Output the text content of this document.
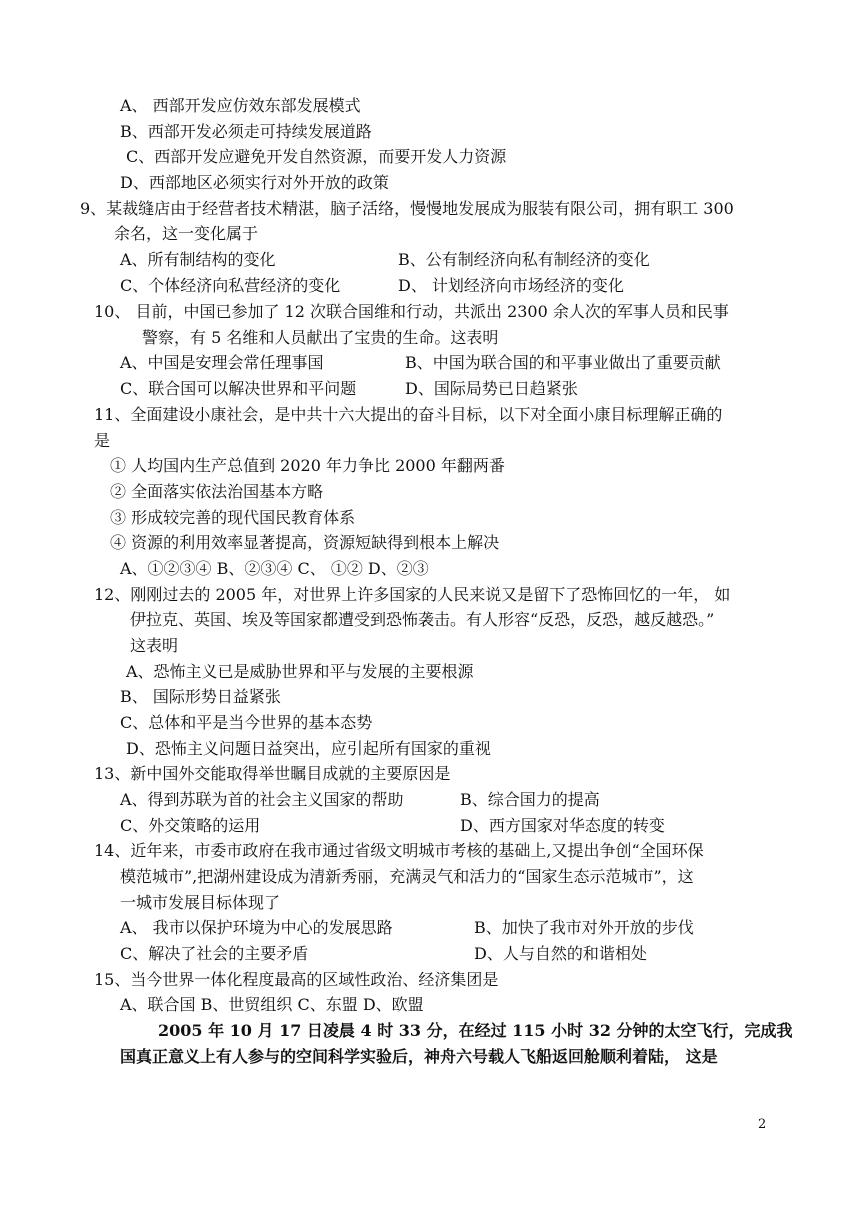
A、 西部开发应仿效东部发展模式
B、西部开发必须走可持续发展道路
C、西部开发应避免开发自然资源，而要开发人力资源
D、西部地区必须实行对外开放的政策
9、某裁缝店由于经营者技术精湛，脑子活络，慢慢地发展成为服装有限公司，拥有职工 300
余名，这一变化属于
A、所有制结构的变化	B、公有制经济向私有制经济的变化
C、个体经济向私营经济的变化	D、 计划经济向市场经济的变化
10、 目前，中国已参加了 12 次联合国维和行动，共派出 2300 余人次的军事人员和民事
警察，有 5 名维和人员献出了宝贵的生命。这表明
A、中国是安理会常任理事国	B、中国为联合国的和平事业做出了重要贡献
C、联合国可以解决世界和平问题	D、国际局势已日趋紧张
11、全面建设小康社会，是中共十六大提出的奋斗目标，以下对全面小康目标理解正确的
是
① 人均国内生产总值到 2020 年力争比 2000 年翻两番
② 全面落实依法治国基本方略
③ 形成较完善的现代国民教育体系
④ 资源的利用效率显著提高，资源短缺得到根本上解决
A、①②③④ B、②③④ C、 ①② D、②③
12、刚刚过去的 2005 年，对世界上许多国家的人民来说又是留下了恐怖回忆的一年， 如
伊拉克、英国、埃及等国家都遭受到恐怖袭击。有人形容“反恐，反恐，越反越恐。”
这表明
A、恐怖主义已是威胁世界和平与发展的主要根源
B、 国际形势日益紧张
C、总体和平是当今世界的基本态势
D、恐怖主义问题日益突出，应引起所有国家的重视
13、新中国外交能取得举世瞩目成就的主要原因是
A、得到苏联为首的社会主义国家的帮助	B、综合国力的提高
C、外交策略的运用	D、西方国家对华态度的转变
14、近年来，市委市政府在我市通过省级文明城市考核的基础上,又提出争创“全国环保
模范城市”,把湖州建设成为清新秀丽，充满灵气和活力的“国家生态示范城市”，这
一城市发展目标体现了
A、 我市以保护环境为中心的发展思路	B、加快了我市对外开放的步伐
C、解决了社会的主要矛盾	D、人与自然的和谐相处
15、当今世界一体化程度最高的区域性政治、经济集团是
A、联合国 B、世贸组织 C、东盟 D、欧盟
2005 年 10 月 17 日凌晨 4 时 33 分，在经过 115 小时 32 分钟的太空飞行，完成我
国真正意义上有人参与的空间科学实验后，神舟六号载人飞船返回舱顺利着陆， 这是
2
